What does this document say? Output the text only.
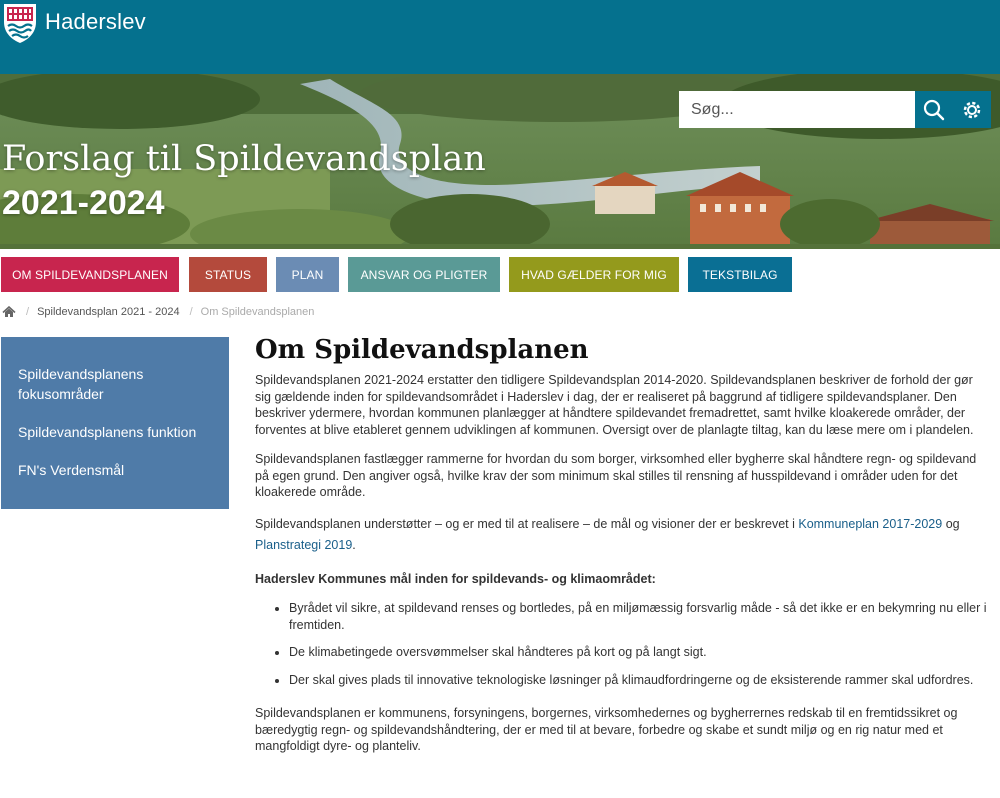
Haderslev
Forslag til Spildevandsplan
2021-2024
Søg...
OM SPILDEVANDSPLANEN	STATUS	PLAN	ANSVAR OG PLIGTER	HVAD GÆLDER FOR MIG	TEKSTBILAG
/ Spildevandsplan 2021 - 2024 / Om Spildevandsplanen
Spildevandsplanens fokusområder
Spildevandsplanens funktion
FN's Verdensmål
Om Spildevandsplanen

Spildevandsplanen 2021-2024 erstatter den tidligere Spildevandsplan 2014-2020. Spildevandsplanen beskriver de forhold der gør sig gældende inden for spildevandsområdet i Haderslev i dag, der er realiseret på baggrund af tidligere spildevandsplaner. Den beskriver ydermere, hvordan kommunen planlægger at håndtere spildevandet fremadrettet, samt hvilke kloakerede områder, der forventes at blive etableret gennem udviklingen af kommunen. Oversigt over de planlagte tiltag, kan du læse mere om i plandelen.

Spildevandsplanen fastlægger rammerne for hvordan du som borger, virksomhed eller bygherre skal håndtere regn- og spildevand på egen grund. Den angiver også, hvilke krav der som minimum skal stilles til rensning af husspildevand i områder uden for det kloakerede område.

Spildevandsplanen understøtter – og er med til at realisere – de mål og visioner der er beskrevet i Kommuneplan 2017-2029 og Planstrategi 2019.

Haderslev Kommunes mål inden for spildevands- og klimaområdet:

• Byrådet vil sikre, at spildevand renses og bortledes, på en miljømæssig forsvarlig måde - så det ikke er en bekymring nu eller i fremtiden.
• De klimabetingede oversvømmelser skal håndteres på kort og på langt sigt.
• Der skal gives plads til innovative teknologiske løsninger på klimaudfordringerne og de eksisterende rammer skal udfordres.

Spildevandsplanen er kommunens, forsyningens, borgernes, virksomhedernes og bygherrernes redskab til en fremtidssikret og bæredygtig regn- og spildevandshåndtering, der er med til at bevare, forbedre og skabe et sundt miljø og en rig natur med et mangfoldigt dyre- og planteliv.
